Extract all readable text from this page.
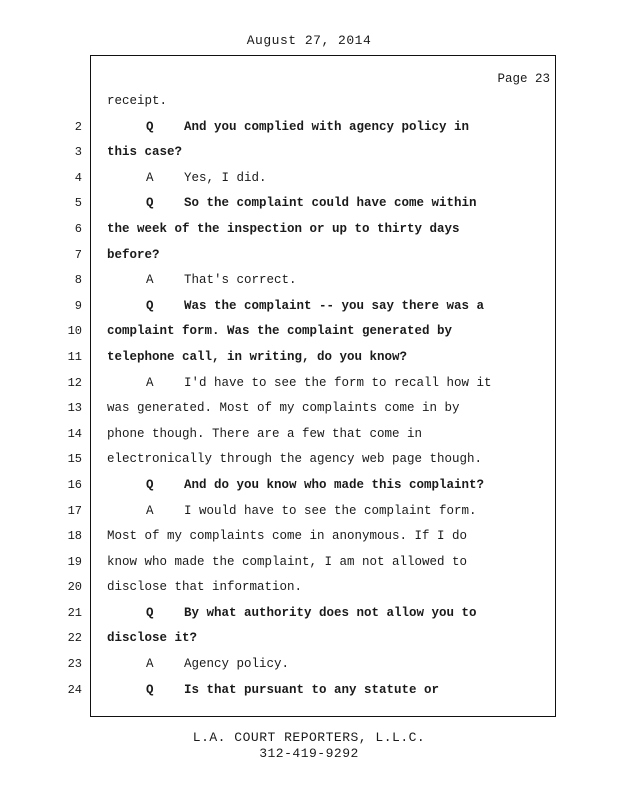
August 27, 2014
Page 23
receipt.
2	Q And you complied with agency policy in
3 this case?
4	A Yes, I did.
5	Q So the complaint could have come within
6 the week of the inspection or up to thirty days
7 before?
8	A That's correct.
9	Q Was the complaint -- you say there was a
10 complaint form. Was the complaint generated by
11 telephone call, in writing, do you know?
12	A I'd have to see the form to recall how it
13 was generated. Most of my complaints come in by
14 phone though. There are a few that come in
15 electronically through the agency web page though.
16	Q And do you know who made this complaint?
17	A I would have to see the complaint form.
18 Most of my complaints come in anonymous. If I do
19 know who made the complaint, I am not allowed to
20 disclose that information.
21	Q By what authority does not allow you to
22 disclose it?
23	A Agency policy.
24	Q Is that pursuant to any statute or
L.A. COURT REPORTERS, L.L.C.
312-419-9292
